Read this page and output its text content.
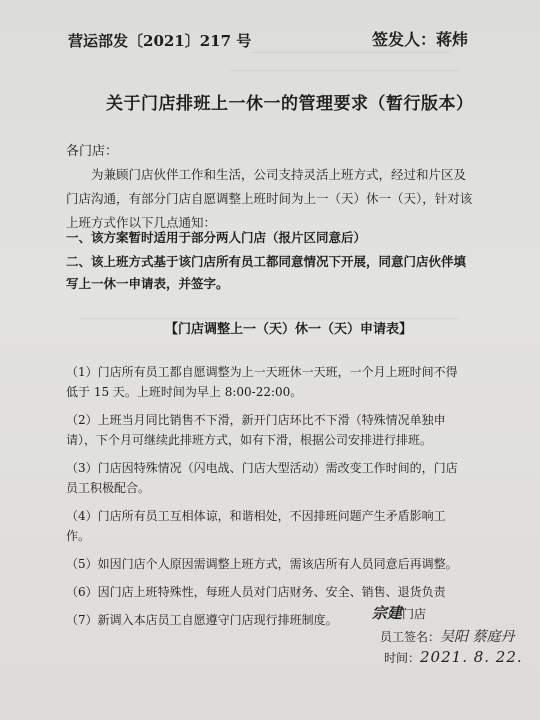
营运部发〔2021〕217 号	签发人：蒋炜
关于门店排班上一休一的管理要求（暂行版本）
各门店：
为兼顾门店伙伴工作和生活，公司支持灵活上班方式，经过和片区及门店沟通，有部分门店自愿调整上班时间为上一（天）休一（天），针对该上班方式作以下几点通知：
一、该方案暂时适用于部分两人门店（报片区同意后）
二、该上班方式基于该门店所有员工都同意情况下开展，同意门店伙伴填写上一休一申请表，并签字。
【门店调整上一（天）休一（天）申请表】
（1）门店所有员工都自愿调整为上一天班休一天班，一个月上班时间不得低于 15 天。上班时间为早上 8:00-22:00。
（2）上班当月同比销售不下滑，新开门店环比不下滑（特殊情况单独申请），下个月可继续此排班方式，如有下滑，根据公司安排进行排班。
（3）门店因特殊情况（闪电战、门店大型活动）需改变工作时间的，门店员工积极配合。
（4）门店所有员工互相体谅，和谐相处，不因排班问题产生矛盾影响工作。
（5）如因门店个人原因需调整上班方式，需该店所有人员同意后再调整。
（6）因门店上班特殊性，每班人员对门店财务、安全、销售、退货负责
（7）新调入本店员工自愿遵守门店现行排班制度。	宗建门店
员工签名：吴阳 蔡庭丹
时间：2021. 8. 22.
